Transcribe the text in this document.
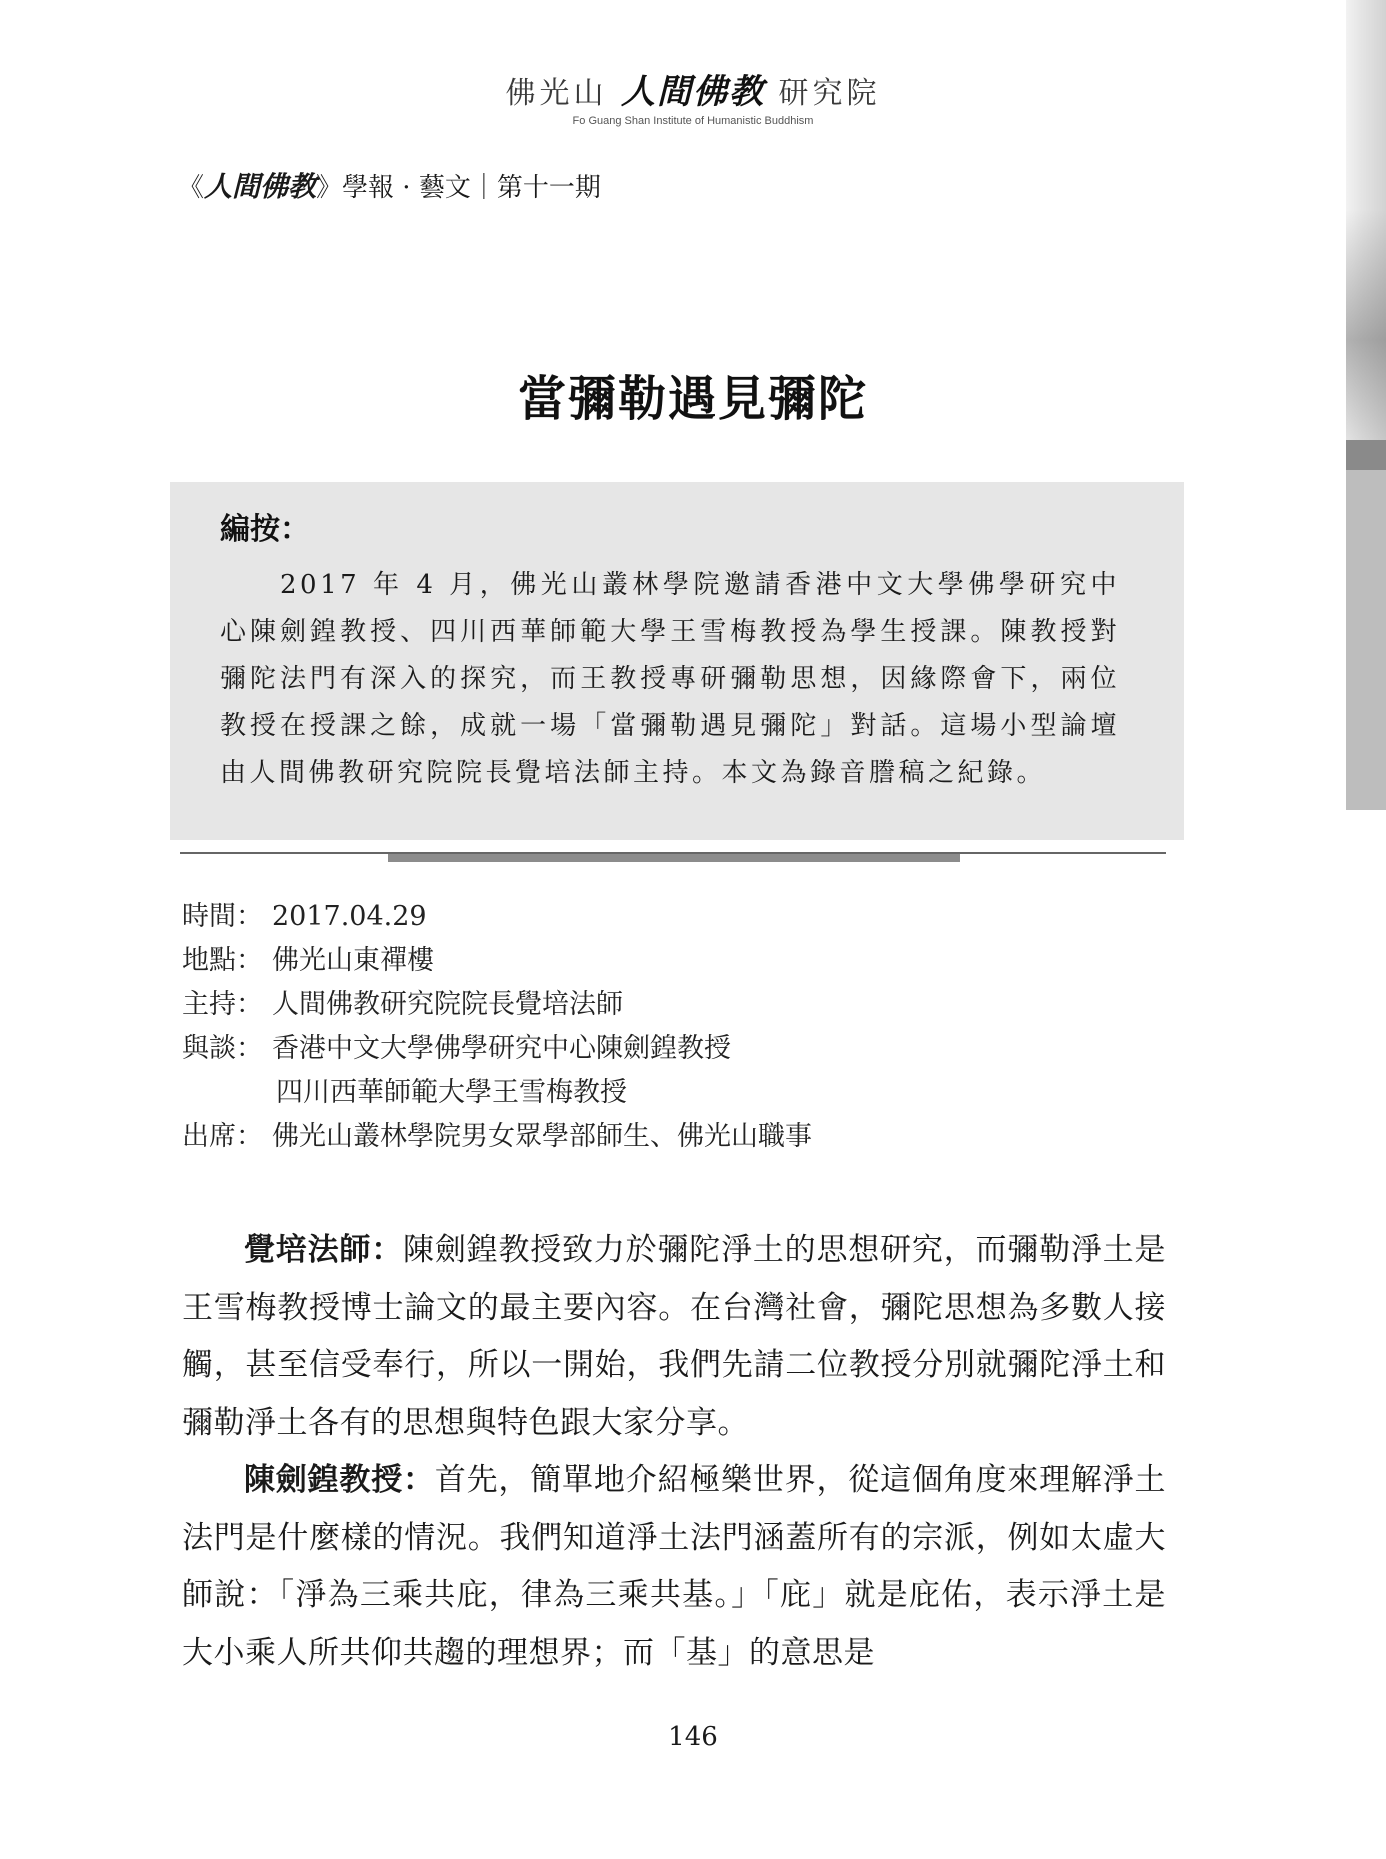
佛光山 人間佛教 研究院
Fo Guang Shan Institute of Humanistic Buddhism
《人間佛教》學報 · 藝文｜第十一期
當彌勒遇見彌陀
編按：
2017 年 4 月，佛光山叢林學院邀請香港中文大學佛學研究中心陳劍鍠教授、四川西華師範大學王雪梅教授為學生授課。陳教授對彌陀法門有深入的探究，而王教授專研彌勒思想，因緣際會下，兩位教授在授課之餘，成就一場「當彌勒遇見彌陀」對話。這場小型論壇由人間佛教研究院院長覺培法師主持。本文為錄音謄稿之紀錄。
時間： 2017.04.29
地點： 佛光山東禪樓
主持： 人間佛教研究院院長覺培法師
與談： 香港中文大學佛學研究中心陳劍鍠教授
四川西華師範大學王雪梅教授
出席： 佛光山叢林學院男女眾學部師生、佛光山職事

覺培法師：陳劍鍠教授致力於彌陀淨土的思想研究，而彌勒淨土是王雪梅教授博士論文的最主要內容。在台灣社會，彌陀思想為多數人接觸，甚至信受奉行，所以一開始，我們先請二位教授分別就彌陀淨土和彌勒淨土各有的思想與特色跟大家分享。

陳劍鍠教授：首先，簡單地介紹極樂世界，從這個角度來理解淨土法門是什麼樣的情況。我們知道淨土法門涵蓋所有的宗派，例如太虛大師說：「淨為三乘共庇，律為三乘共基。」「庇」就是庇佑，表示淨土是大小乘人所共仰共趨的理想界；而「基」的意思是

146
